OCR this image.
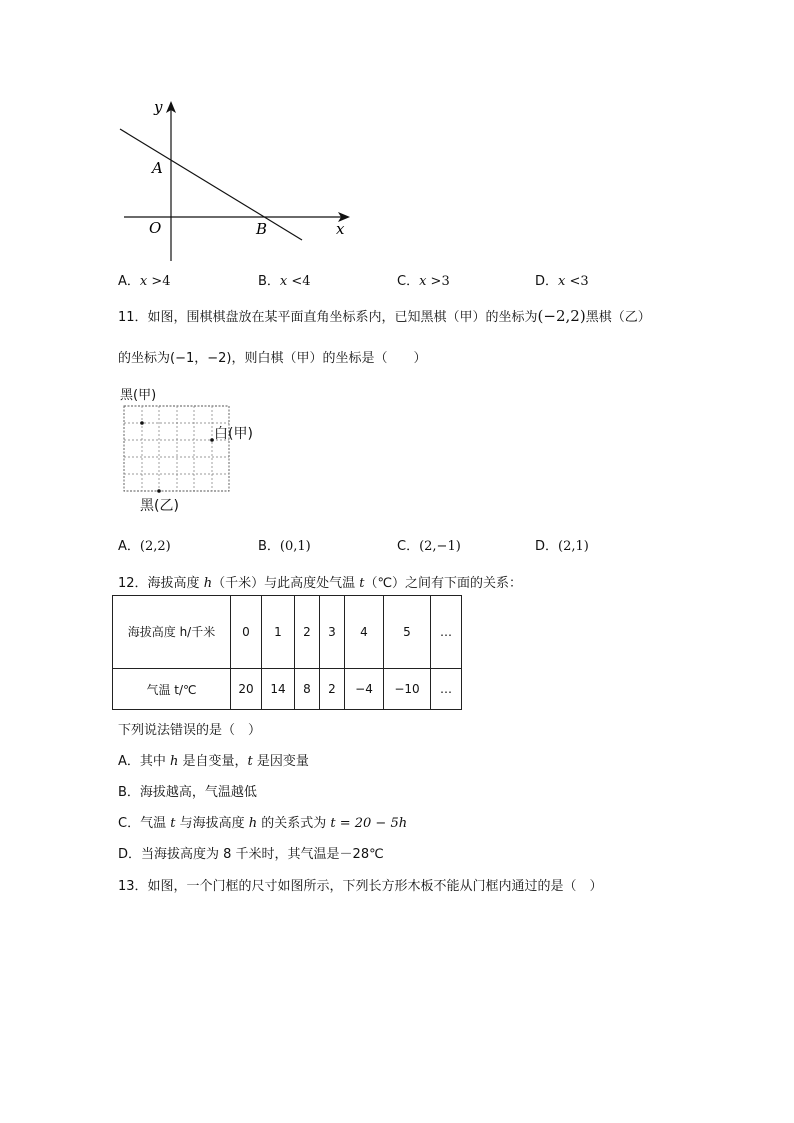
y
x
A
O	B
A．x >4	B．x <4	C．x >3	D．x <3
11．如图，围棋棋盘放在某平面直角坐标系内，已知黑棋（甲）的坐标为(−2,2)黑棋（乙）
的坐标为(−1，−2)，则白棋（甲）的坐标是（　　）
黑(甲)
白(甲)
黑(乙)
A．(2,2)	B．(0,1)	C．(2,−1)	D．(2,1)
12．海拔高度 h（千米）与此高度处气温 t（℃）之间有下面的关系：
海拔高度 h/千米	0	1	2	3	4	5	…
气温 t/℃	20	14	8	2	−4	−10	…
下列说法错误的是（　）
A．其中 h 是自变量，t 是因变量
B．海拔越高，气温越低
C．气温 t 与海拔高度 h 的关系式为 t = 20 − 5h
D．当海拔高度为 8 千米时，其气温是－28℃
13．如图，一个门框的尺寸如图所示，下列长方形木板不能从门框内通过的是（　）
